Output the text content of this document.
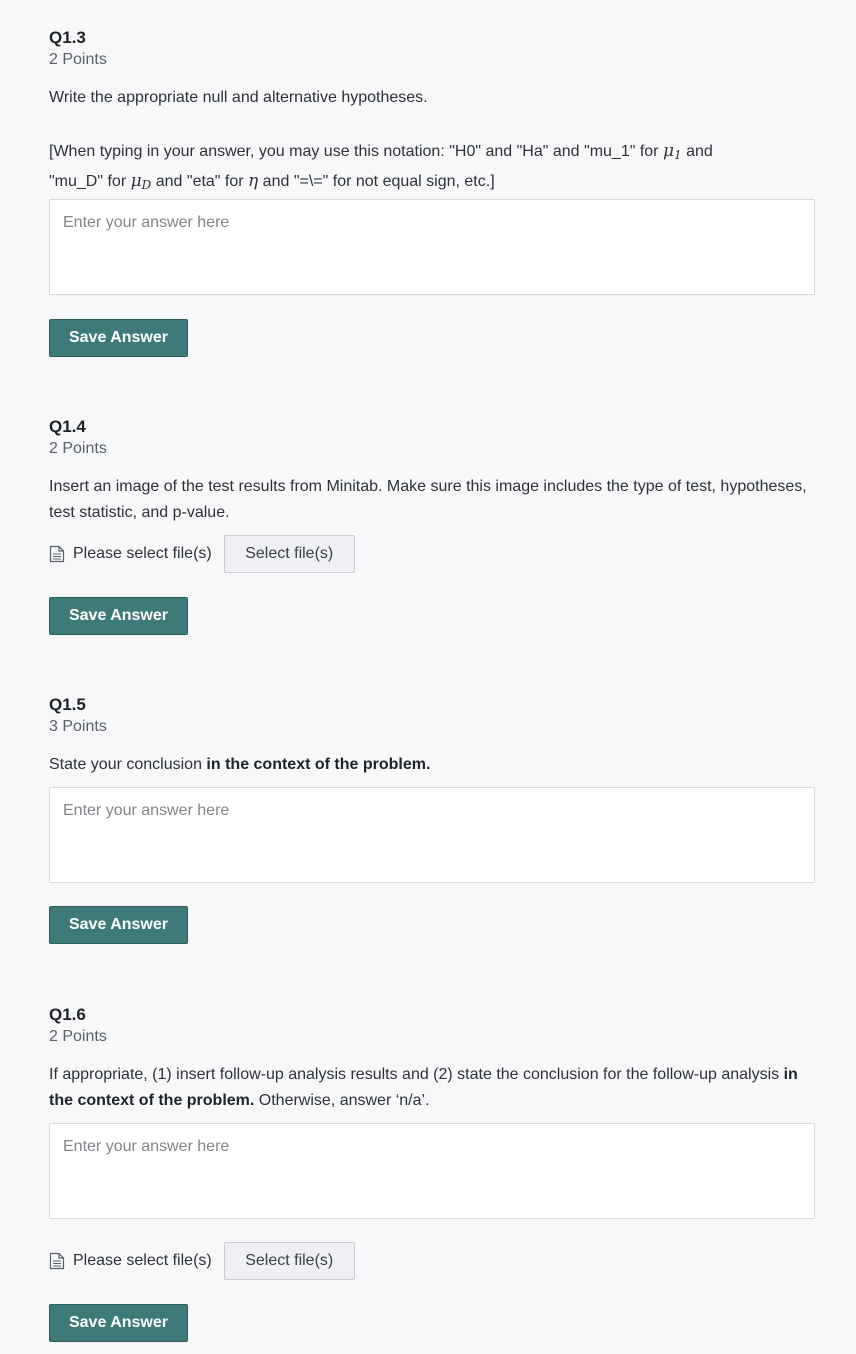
Q1.3
2 Points

Write the appropriate null and alternative hypotheses.

[When typing in your answer, you may use this notation: "H0" and "Ha" and "mu_1" for $\mu_1$ and
"mu_D" for $\mu_D$ and "eta" for η and "=\=" for not equal sign, etc.]

Enter your answer here
Save Answer
Q1.4
2 Points

Insert an image of the test results from Minitab. Make sure this image includes the type of test, hypotheses, test statistic, and p-value.

Please select file(s)	Select file(s)
Save Answer
Q1.5
3 Points

State your conclusion in the context of the problem.

Enter your answer here
Save Answer
Q1.6
2 Points

If appropriate, (1) insert follow-up analysis results and (2) state the conclusion for the follow-up analysis in the context of the problem. Otherwise, answer ‘n/a’.

Enter your answer here
Please select file(s)	Select file(s)
Save Answer
